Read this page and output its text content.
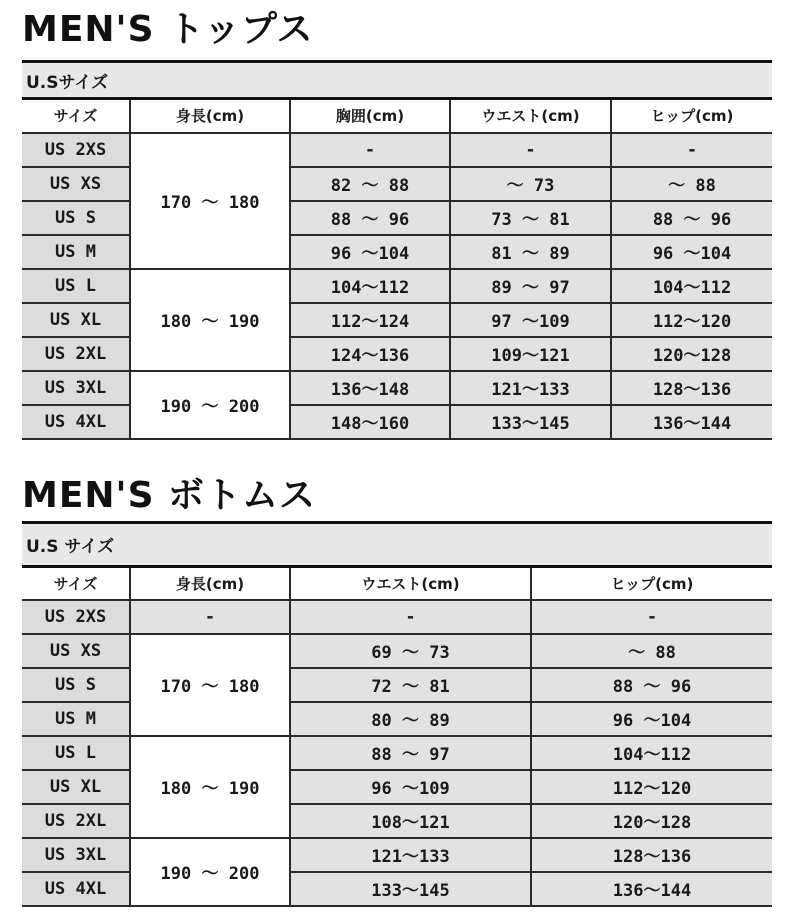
MEN'S トップス
U.Sサイズ				
サイズ	身長(cm)	胸囲(cm)	ウエスト(cm)	ヒップ(cm)
US 2XS	170 〜 180	-	-	-
US XS		82 〜 88	〜 73	〜 88
US S		88 〜 96	73 〜 81	88 〜 96
US M		96 〜104	81 〜 89	96 〜104
US L	180 〜 190	104〜112	89 〜 97	104〜112
US XL		112〜124	97 〜109	112〜120
US 2XL		124〜136	109〜121	120〜128
US 3XL	190 〜 200	136〜148	121〜133	128〜136
US 4XL		148〜160	133〜145	136〜144
MEN'S ボトムス
U.S サイズ			
サイズ	身長(cm)	ウエスト(cm)	ヒップ(cm)
US 2XS	-	-	-
US XS	170 〜 180	69 〜 73	〜 88
US S		72 〜 81	88 〜 96
US M		80 〜 89	96 〜104
US L	180 〜 190	88 〜 97	104〜112
US XL		96 〜109	112〜120
US 2XL		108〜121	120〜128
US 3XL	190 〜 200	121〜133	128〜136
US 4XL		133〜145	136〜144
